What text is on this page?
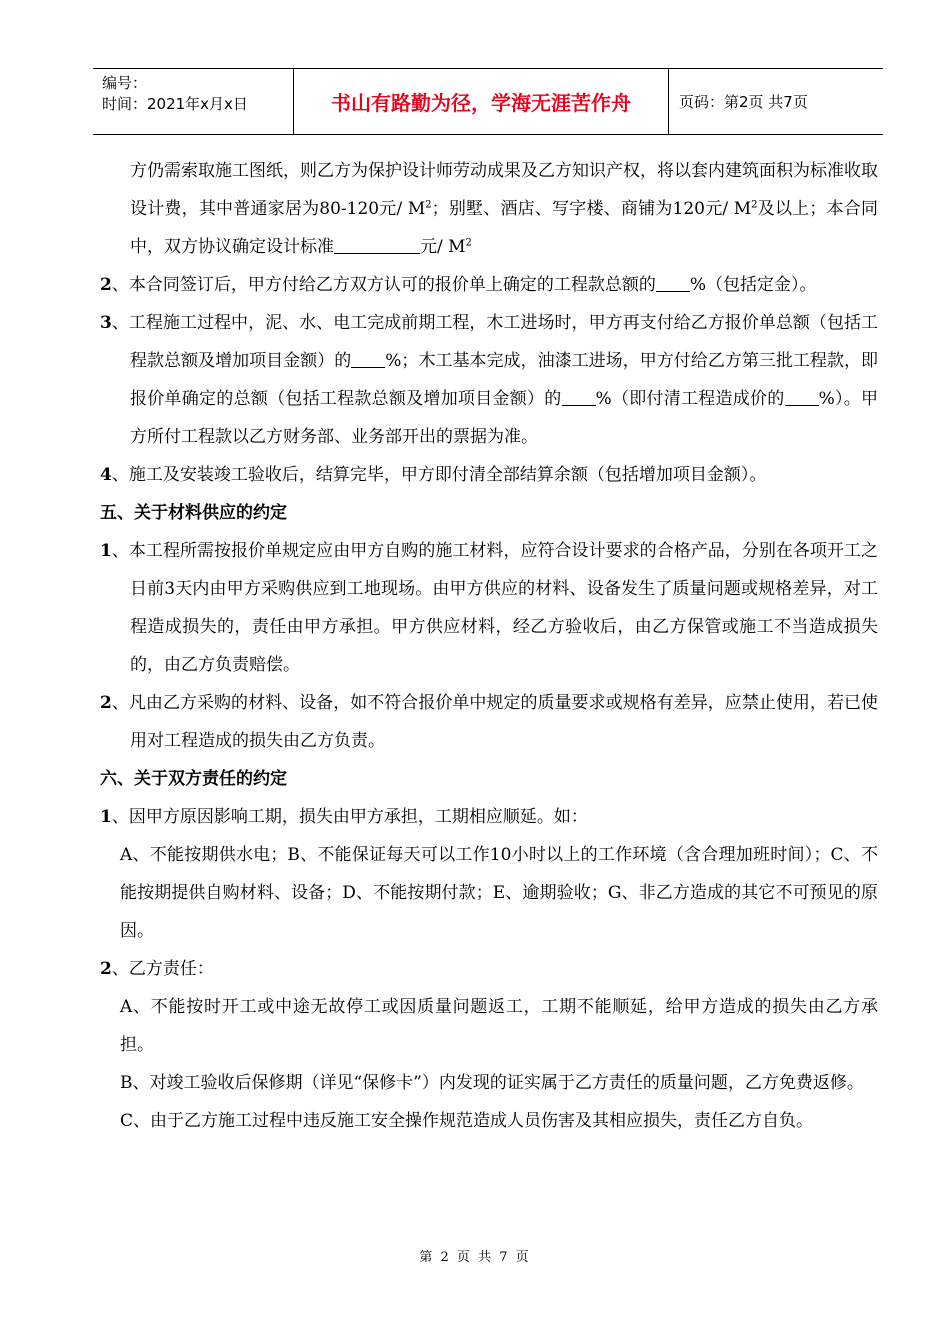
编号：
时间：2021年x月x日	书山有路勤为径，学海无涯苦作舟	页码：第2页 共7页

方仍需索取施工图纸，则乙方为保护设计师劳动成果及乙方知识产权，将以套内建筑面积为标准收取设计费，其中普通家居为80-120元/ $M^2$；别墅、酒店、写字楼、商铺为120元/ $M^2$及以上；本合同中，双方协议确定设计标准	元/ $M^2$

2、本合同签订后，甲方付给乙方双方认可的报价单上确定的工程款总额的 %（包括定金）。

3、工程施工过程中，泥、水、电工完成前期工程，木工进场时，甲方再支付给乙方报价单总额（包括工程款总额及增加项目金额）的 %；木工基本完成，油漆工进场，甲方付给乙方第三批工程款，即报价单确定的总额（包括工程款总额及增加项目金额）的 %（即付清工程造成价的 %）。甲方所付工程款以乙方财务部、业务部开出的票据为准。

4、施工及安装竣工验收后，结算完毕，甲方即付清全部结算余额（包括增加项目金额）。

五、关于材料供应的约定

1、本工程所需按报价单规定应由甲方自购的施工材料，应符合设计要求的合格产品，分别在各项开工之日前3天内由甲方采购供应到工地现场。由甲方供应的材料、设备发生了质量问题或规格差异，对工程造成损失的，责任由甲方承担。甲方供应材料，经乙方验收后，由乙方保管或施工不当造成损失的，由乙方负责赔偿。

2、凡由乙方采购的材料、设备，如不符合报价单中规定的质量要求或规格有差异，应禁止使用，若已使用对工程造成的损失由乙方负责。

六、关于双方责任的约定

1、因甲方原因影响工期，损失由甲方承担，工期相应顺延。如：

A、不能按期供水电；B、不能保证每天可以工作10小时以上的工作环境（含合理加班时间）；C、不能按期提供自购材料、设备；D、不能按期付款；E、逾期验收；G、非乙方造成的其它不可预见的原因。

2、乙方责任：

A、不能按时开工或中途无故停工或因质量问题返工，工期不能顺延，给甲方造成的损失由乙方承担。

B、对竣工验收后保修期（详见“保修卡”）内发现的证实属于乙方责任的质量问题，乙方免费返修。

C、由于乙方施工过程中违反施工安全操作规范造成人员伤害及其相应损失，责任乙方自负。

第 2 页 共 7 页
